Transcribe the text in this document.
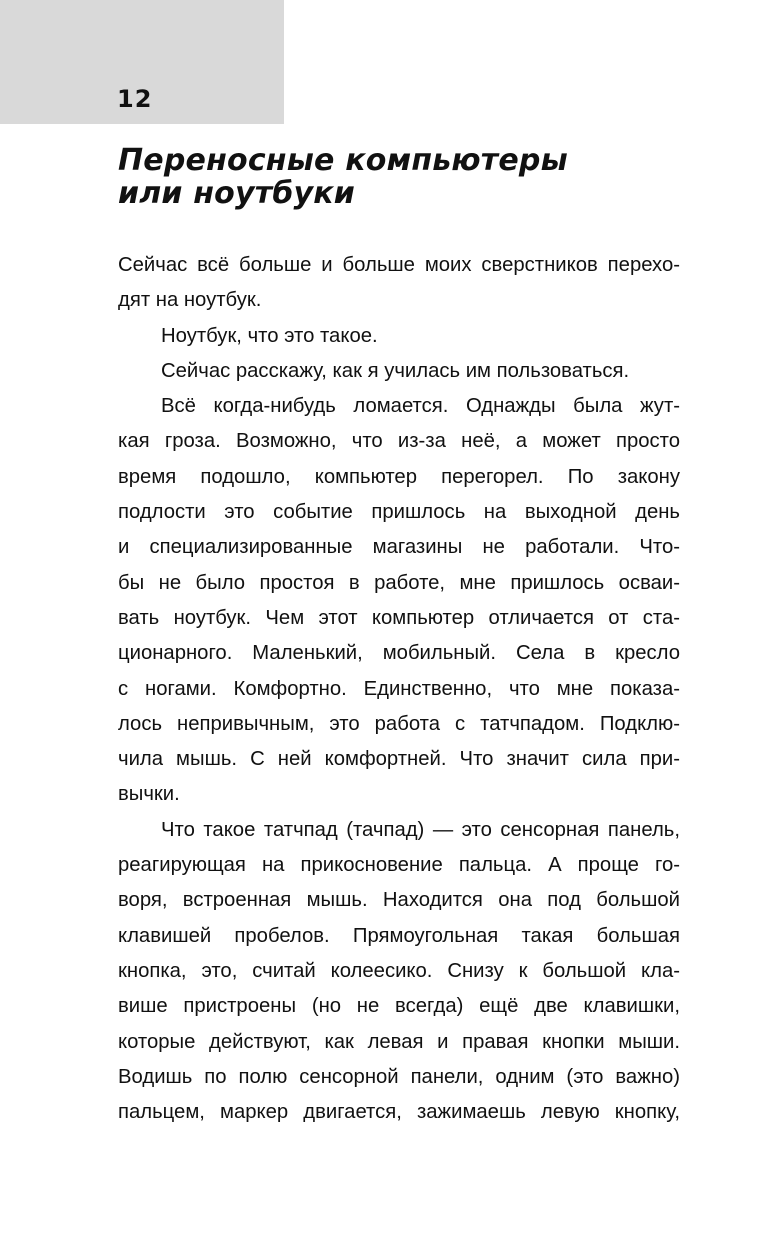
12
Переносные компьютеры
или ноутбуки
Сейчас всё больше и больше моих сверстников перехо-
дят на ноутбук.
Ноутбук, что это такое.
Сейчас расскажу, как я училась им пользоваться.
Всё когда-нибудь ломается. Однажды была жут-
кая гроза. Возможно, что из-за неё, а может просто
время подошло, компьютер перегорел. По закону
подлости это событие пришлось на выходной день
и специализированные магазины не работали. Что-
бы не было простоя в работе, мне пришлось осваи-
вать ноутбук. Чем этот компьютер отличается от ста-
ционарного. Маленький, мобильный. Села в кресло
с ногами. Комфортно. Единственно, что мне показа-
лось непривычным, это работа с татчпадом. Подклю-
чила мышь. С ней комфортней. Что значит сила при-
вычки.
Что такое татчпад (тачпад) — это сенсорная панель,
реагирующая на прикосновение пальца. А проще го-
воря, встроенная мышь. Находится она под большой
клавишей пробелов. Прямоугольная такая большая
кнопка, это, считай колеесико. Снизу к большой кла-
више пристроены (но не всегда) ещё две клавишки,
которые действуют, как левая и правая кнопки мыши.
Водишь по полю сенсорной панели, одним (это важно)
пальцем, маркер двигается, зажимаешь левую кнопку,
